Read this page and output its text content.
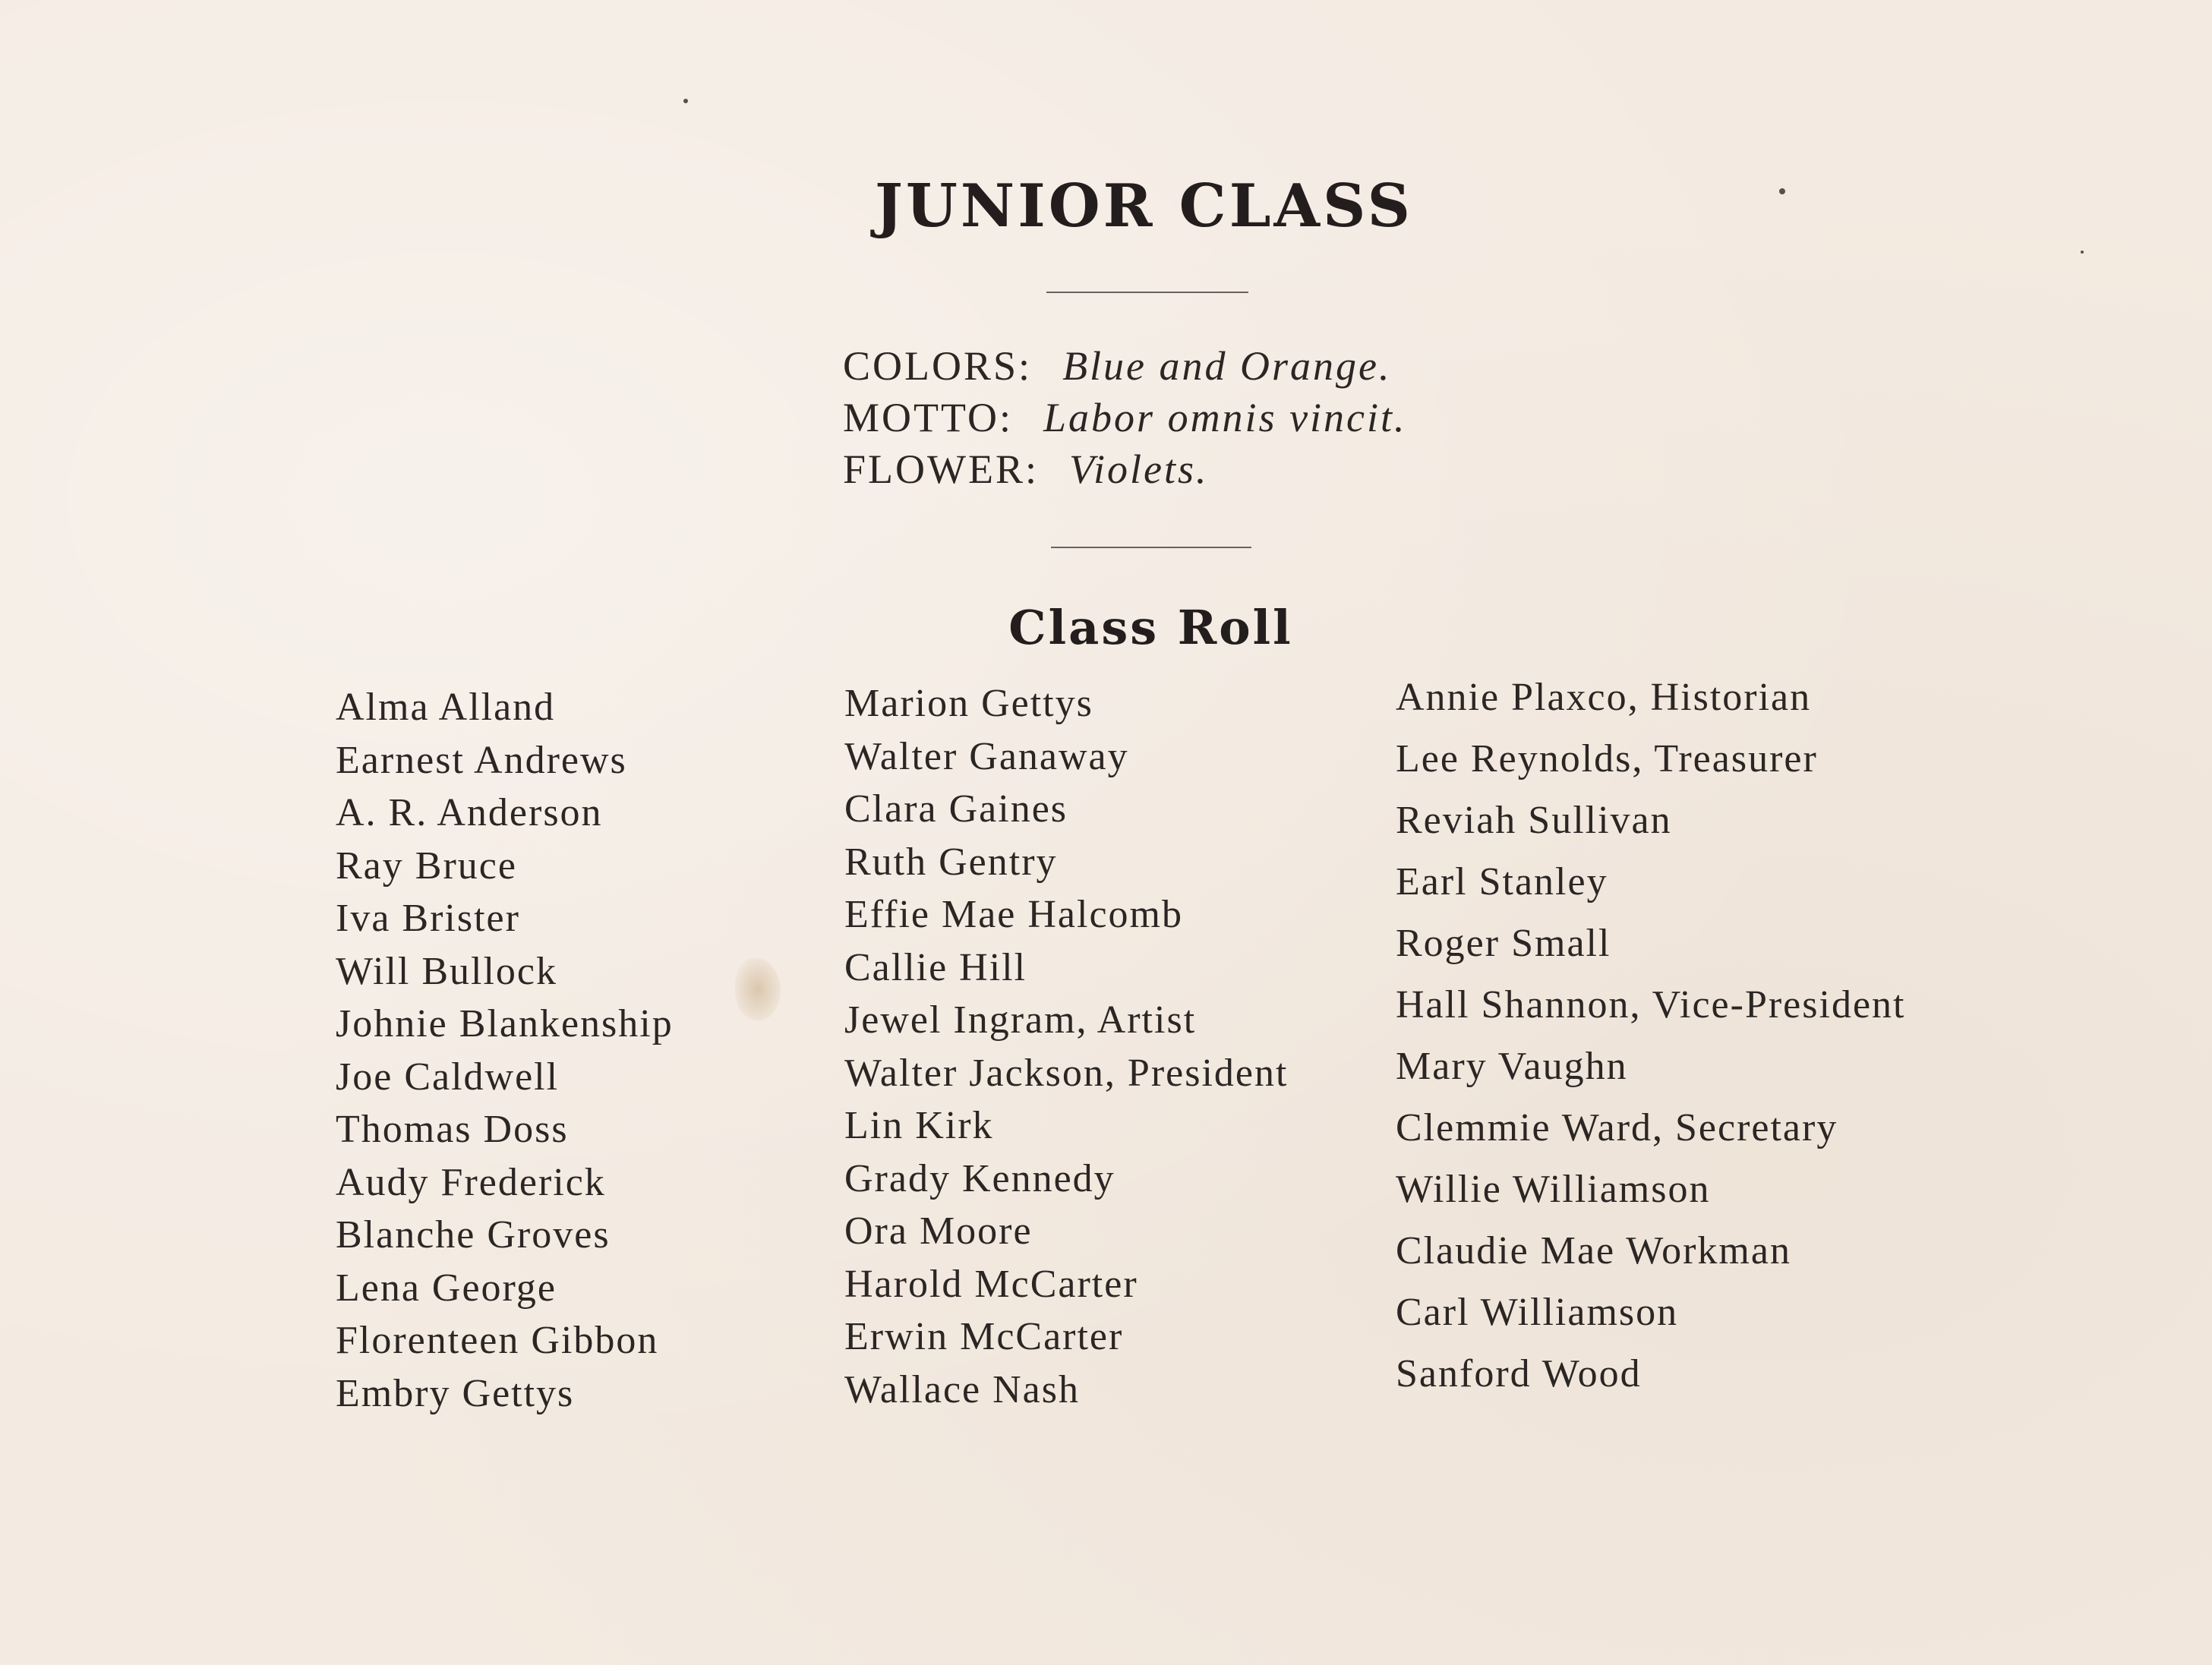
JUNIOR CLASS
COLORS: Blue and Orange.
MOTTO: Labor omnis vincit.
FLOWER: Violets.
Class Roll
Alma Alland
Earnest Andrews
A. R. Anderson
Ray Bruce
Iva Brister
Will Bullock
Johnie Blankenship
Joe Caldwell
Thomas Doss
Audy Frederick
Blanche Groves
Lena George
Florenteen Gibbon
Embry Gettys
Marion Gettys
Walter Ganaway
Clara Gaines
Ruth Gentry
Effie Mae Halcomb
Callie Hill
Jewel Ingram, Artist
Walter Jackson, President
Lin Kirk
Grady Kennedy
Ora Moore
Harold McCarter
Erwin McCarter
Wallace Nash
Annie Plaxco, Historian
Lee Reynolds, Treasurer
Reviah Sullivan
Earl Stanley
Roger Small
Hall Shannon, Vice-President
Mary Vaughn
Clemmie Ward, Secretary
Willie Williamson
Claudie Mae Workman
Carl Williamson
Sanford Wood
